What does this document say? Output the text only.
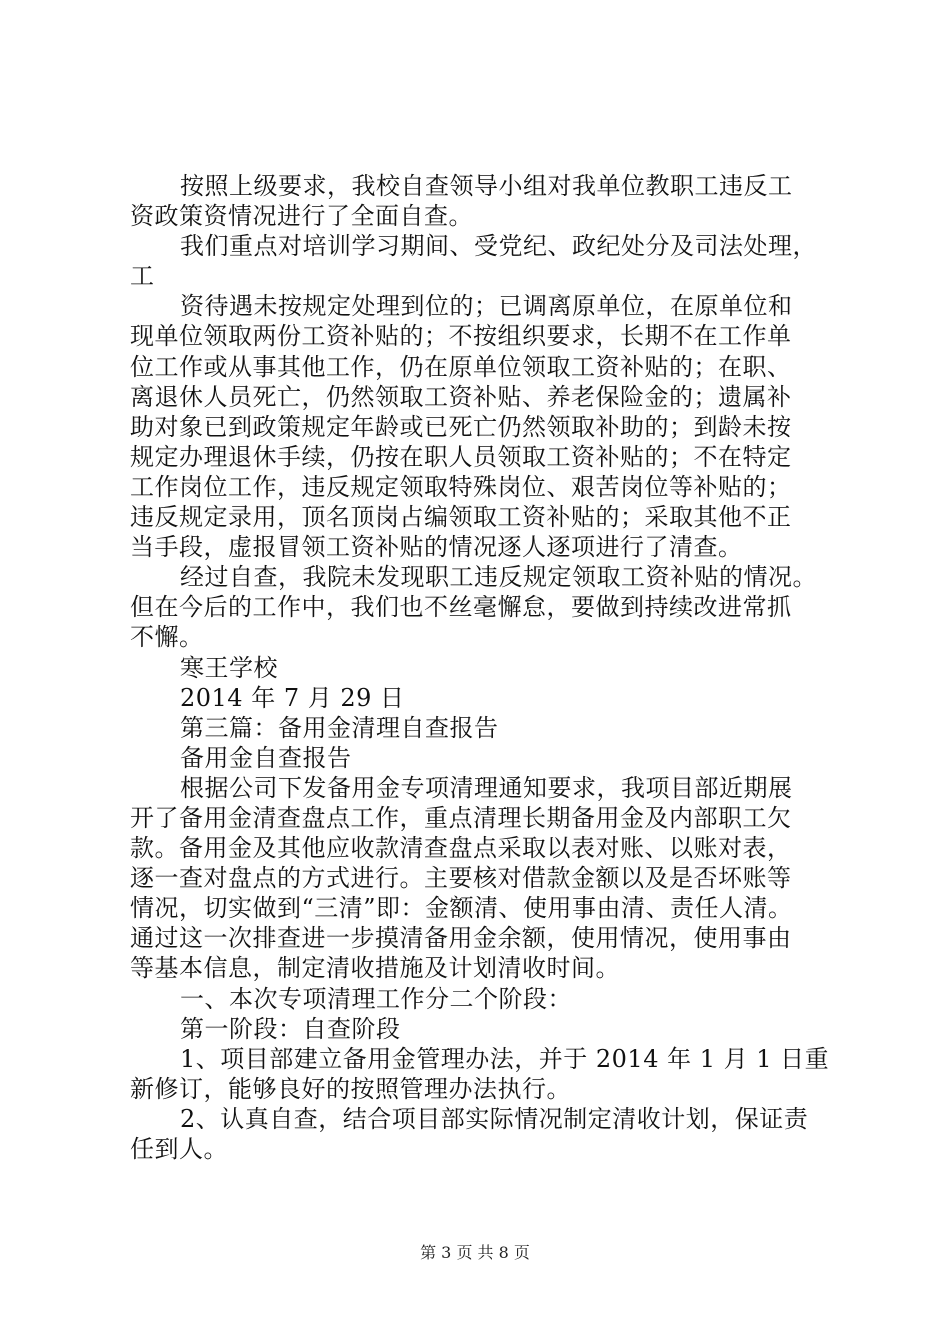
按照上级要求，我校自查领导小组对我单位教职工违反工
资政策资情况进行了全面自查。
我们重点对培训学习期间、受党纪、政纪处分及司法处理，
工
资待遇未按规定处理到位的；已调离原单位，在原单位和
现单位领取两份工资补贴的；不按组织要求，长期不在工作单
位工作或从事其他工作，仍在原单位领取工资补贴的；在职、
离退休人员死亡，仍然领取工资补贴、养老保险金的；遗属补
助对象已到政策规定年龄或已死亡仍然领取补助的；到龄未按
规定办理退休手续，仍按在职人员领取工资补贴的；不在特定
工作岗位工作，违反规定领取特殊岗位、艰苦岗位等补贴的；
违反规定录用，顶名顶岗占编领取工资补贴的；采取其他不正
当手段，虚报冒领工资补贴的情况逐人逐项进行了清查。
经过自查，我院未发现职工违反规定领取工资补贴的情况。
但在今后的工作中，我们也不丝毫懈怠，要做到持续改进常抓
不懈。
寒王学校
2014 年 7 月 29 日
第三篇：备用金清理自查报告
备用金自查报告
根据公司下发备用金专项清理通知要求，我项目部近期展
开了备用金清查盘点工作，重点清理长期备用金及内部职工欠
款。备用金及其他应收款清查盘点采取以表对账、以账对表，
逐一查对盘点的方式进行。主要核对借款金额以及是否坏账等
情况，切实做到“三清”即：金额清、使用事由清、责任人清。
通过这一次排查进一步摸清备用金余额，使用情况，使用事由
等基本信息，制定清收措施及计划清收时间。
一、本次专项清理工作分二个阶段：
第一阶段：自查阶段
1、项目部建立备用金管理办法，并于 2014 年 1 月 1 日重
新修订，能够良好的按照管理办法执行。
2、认真自查，结合项目部实际情况制定清收计划，保证责
任到人。
第 3 页 共 8 页
